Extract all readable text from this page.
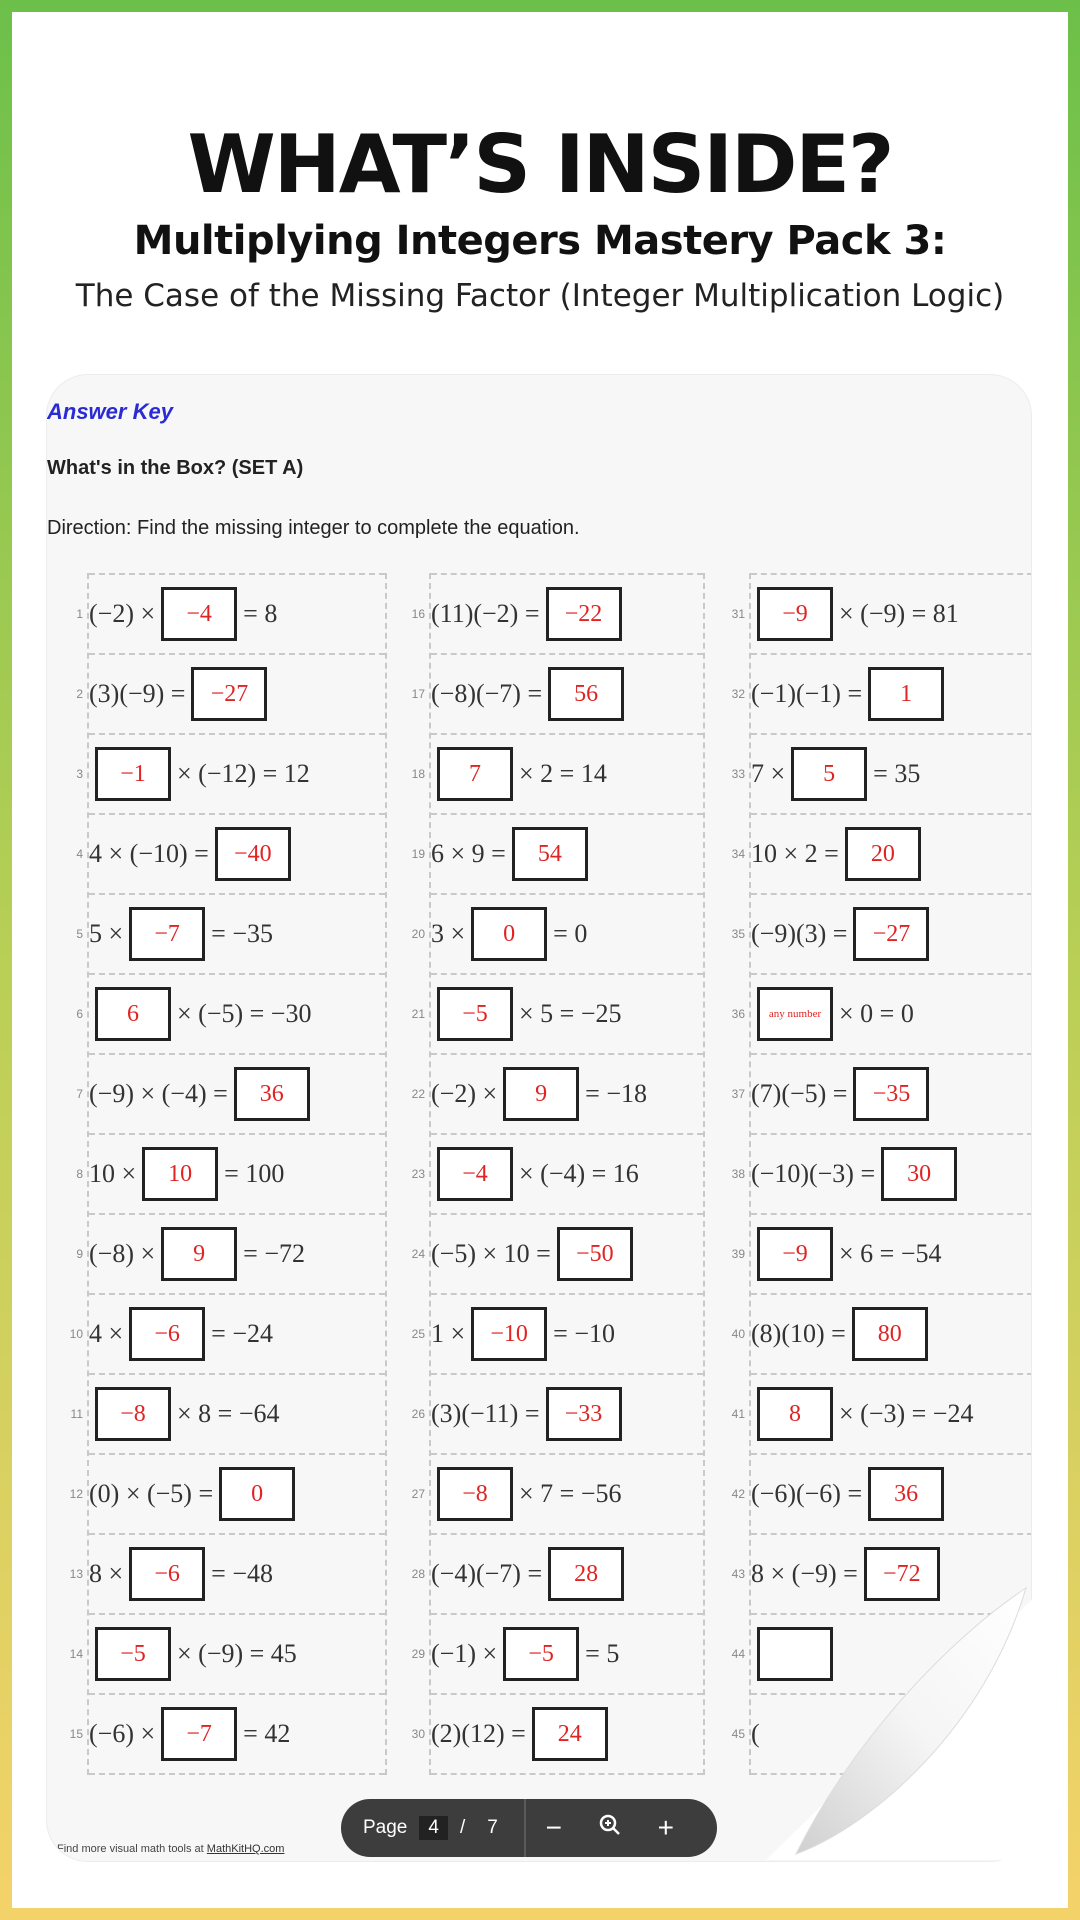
WHAT’S INSIDE?
Multiplying Integers Mastery Pack 3:
The Case of the Missing Factor (Integer Multiplication Logic)
Answer Key
What's in the Box? (SET A)
Direction: Find the missing integer to complete the equation.
1 (−2) ×	−4	= 8
2 (3)(−9) =	−27
3	−1	× (−12) = 12
4 4 × (−10) =	−40
5 5 ×	−7	= −35
6	6	× (−5) = −30
7 (−9) × (−4) =	36
8 10 ×	10	= 100
9 (−8) ×	9	= −72
10 4 ×	−6	= −24
11	−8	× 8 = −64
12 (0) × (−5) =	0
13 8 ×	−6	= −48
14	−5	× (−9) = 45
15 (−6) ×	−7	= 42
16 (11)(−2) =	−22
17 (−8)(−7) =	56
18	7	× 2 = 14
19 6 × 9 =	54
20 3 ×	0	= 0
21	−5	× 5 = −25
22 (−2) ×	9	= −18
23	−4	× (−4) = 16
24 (−5) × 10 =	−50
25 1 ×	−10 = −10
26 (3)(−11) =	−33
27	−8	× 7 = −56
28 (−4)(−7) =	28
29 (−1) ×	−5	= 5
30 (2)(12) =	24
31	−9	× (−9) = 81
32 (−1)(−1) =	1
33 7 ×	5	= 35
34 10 × 2 =	20
35 (−9)(3) =	−27
36	any number × 0 = 0
37 (7)(−5) =	−35
38 (−10)(−3) =	30
39	−9	× 6 = −54
40 (8)(10) =	80
41	8	× (−3) = −24
42 (−6)(−6) =	36
43 8 × (−9) =	−72
44
45 (
Find more visual math tools at MathKitHQ.com
Page	4	/ 7	−	+
